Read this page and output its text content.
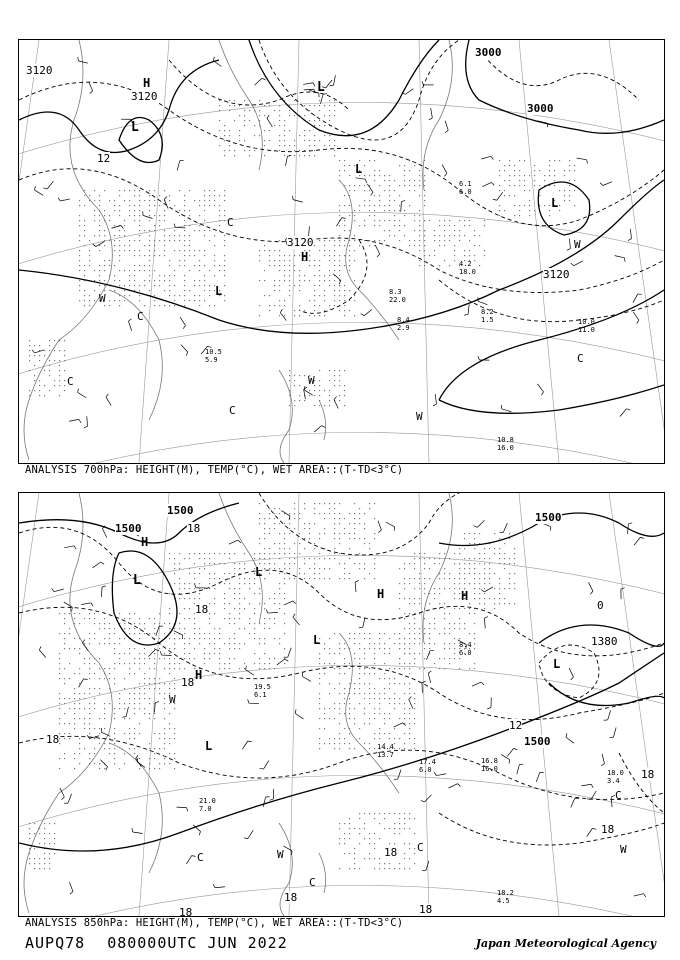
3120
3120
3120
3000
3000
3120
12
H
L
L
H
L
L
L
C
C
C	W
W
W
W
C
C
10.8
16.0
10.0
11.0
8.4
2.9
8.2
1.5
10.5
5.9
8.3
22.0
4.2
18.0
6.1
6.0
ANALYSIS 700hPa: HEIGHT(M), TEMP(°C), WET AREA::(T-TD<3°C)
1500
1500
1500
1500
1380
18
18
18
18
18
18
18	18
12
0
18
18
H
L
H
L
H
L
L
H
L
W
C
C
W
C
W
C
18.2
4.5
18.0
3.4
17.4
6.0
16.8
16.0
21.0
7.0
19.5
6.1
14.4
13.7
8.4
6.0
ANALYSIS 850hPa: HEIGHT(M), TEMP(°C), WET AREA::(T-TD<3°C)
AUPQ78 080000UTC JUN 2022	Japan Meteorological Agency
